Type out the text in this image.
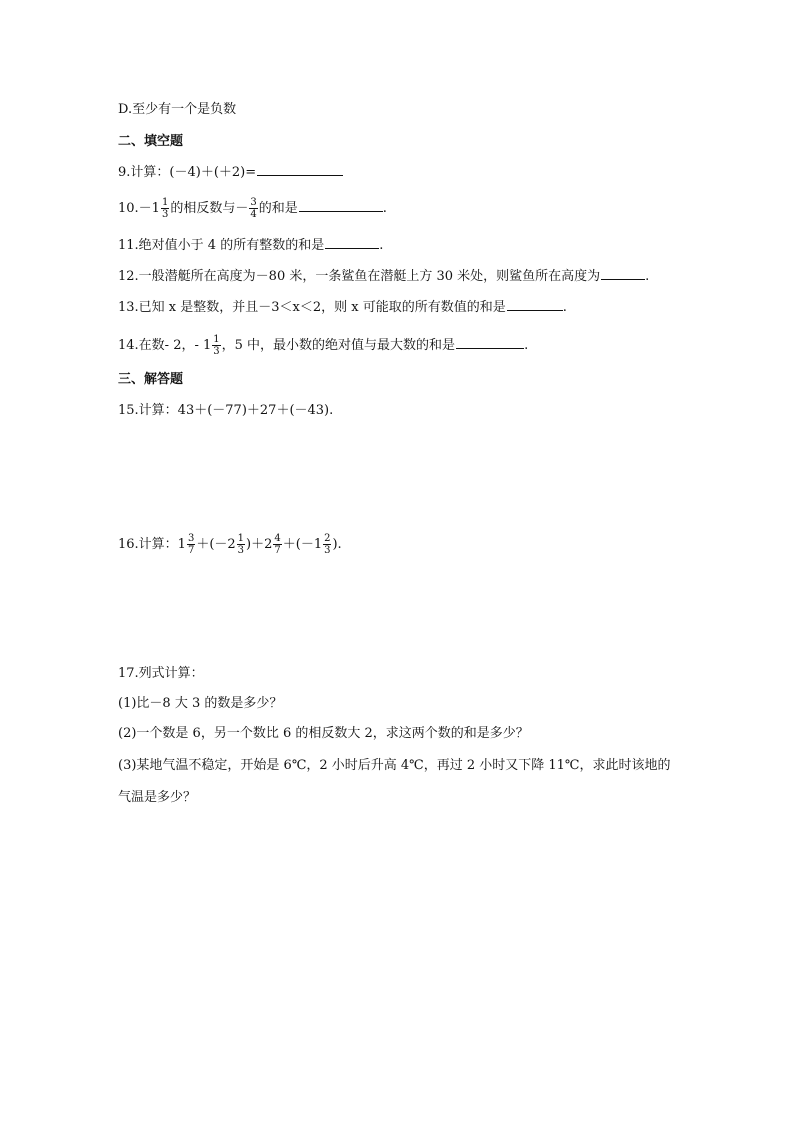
D.至少有一个是负数
二、填空题
9.计算：(－4)＋(＋2)=
$10.-1 \frac{1}{3}$ 的相反数与－ $\frac{3}{4}$ 的和是	.
11.绝对值小于 4 的所有整数的和是	.
12.一般潜艇所在高度为－80 米，一条鲨鱼在潜艇上方 30 米处，则鲨鱼所在高度为	.
13.已知 x 是整数，并且－3＜x＜2，则 x 可能取的所有数值的和是	.
14.在数- 2，- $1 \frac{1}{3}$ ，5 中，最小数的绝对值与最大数的和是	.
三、解答题
15.计算：43＋(－77)＋27＋(－43).
16.计算：$1 \frac{3}{7} +(-2 \frac{1}{3} )+2 \frac{4}{7} +(-1 \frac{2}{3}$ ).
17.列式计算：
(1)比－8 大 3 的数是多少？
(2)一个数是 6，另一个数比 6 的相反数大 2，求这两个数的和是多少？
(3)某地气温不稳定，开始是 6℃，2 小时后升高 4℃，再过 2 小时又下降 11℃，求此时该地的
气温是多少？
